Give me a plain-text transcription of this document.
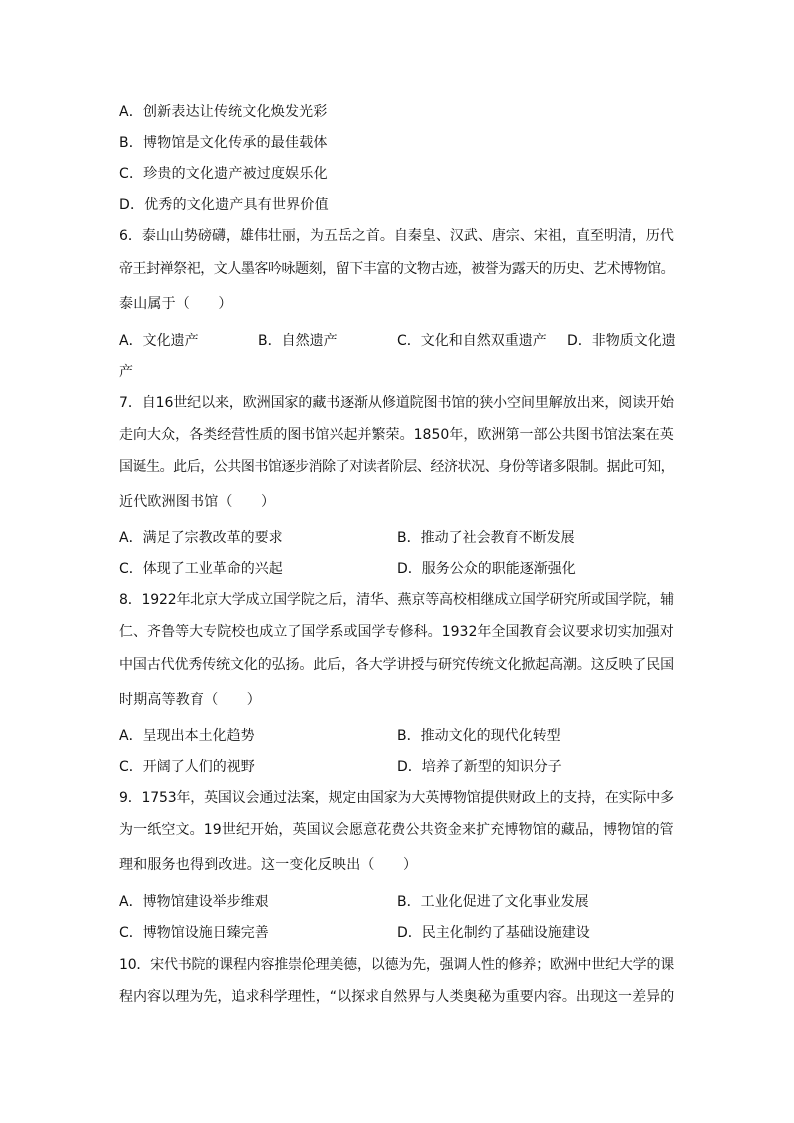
A．创新表达让传统文化焕发光彩
B．博物馆是文化传承的最佳载体
C．珍贵的文化遗产被过度娱乐化
D．优秀的文化遗产具有世界价值
6．泰山山势磅礴，雄伟壮丽，为五岳之首。自秦皇、汉武、唐宗、宋祖，直至明清，历代
帝王封禅祭祀，文人墨客吟咏题刻，留下丰富的文物古迹，被誉为露天的历史、艺术博物馆。
泰山属于（　　）
A．文化遗产	B．自然遗产	C．文化和自然双重遗产 D．非物质文化遗
产
7．自16世纪以来，欧洲国家的藏书逐渐从修道院图书馆的狭小空间里解放出来，阅读开始
走向大众，各类经营性质的图书馆兴起并繁荣。1850年，欧洲第一部公共图书馆法案在英
国诞生。此后，公共图书馆逐步消除了对读者阶层、经济状况、身份等诸多限制。据此可知，
近代欧洲图书馆（　　）
A．满足了宗教改革的要求	B．推动了社会教育不断发展
C．体现了工业革命的兴起	D．服务公众的职能逐渐强化
8．1922年北京大学成立国学院之后，清华、燕京等高校相继成立国学研究所或国学院，辅
仁、齐鲁等大专院校也成立了国学系或国学专修科。1932年全国教育会议要求切实加强对
中国古代优秀传统文化的弘扬。此后，各大学讲授与研究传统文化掀起高潮。这反映了民国
时期高等教育（　　）
A．呈现出本土化趋势	B．推动文化的现代化转型
C．开阔了人们的视野	D．培养了新型的知识分子
9．1753年，英国议会通过法案，规定由国家为大英博物馆提供财政上的支持，在实际中多
为一纸空文。19世纪开始，英国议会愿意花费公共资金来扩充博物馆的藏品，博物馆的管
理和服务也得到改进。这一变化反映出（　　）
A．博物馆建设举步维艰	B．工业化促进了文化事业发展
C．博物馆设施日臻完善	D．民主化制约了基础设施建设
10．宋代书院的课程内容推崇伦理美德，以德为先，强调人性的修养；欧洲中世纪大学的课
程内容以理为先，追求科学理性，“以探求自然界与人类奥秘为重要内容。出现这一差异的
